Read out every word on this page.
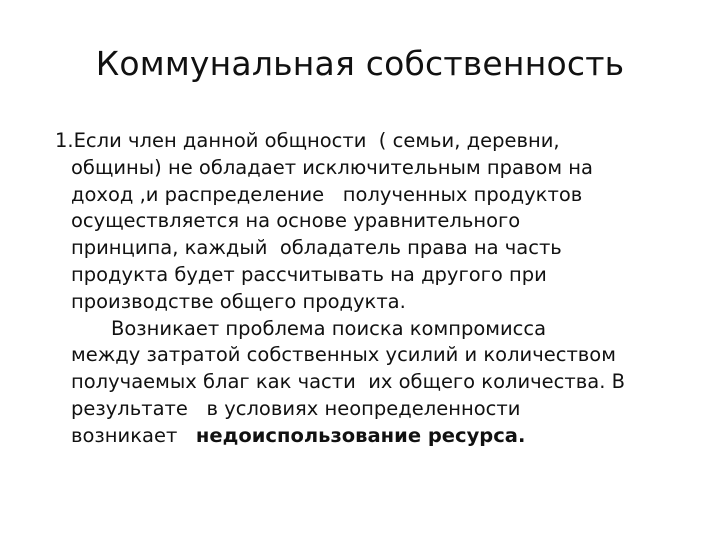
Коммунальная собственность
1.Если член данной общности  ( семьи, деревни,
общины) не обладает исключительным правом на
доход ,и распределение   полученных продуктов
осуществляется на основе уравнительного
принципа, каждый  обладатель права на часть
продукта будет рассчитывать на другого при
производстве общего продукта.
Возникает проблема поиска компромисса
между затратой собственных усилий и количеством
получаемых благ как части  их общего количества. В
результате   в условиях неопределенности
возникает   недоиспользование ресурса.
